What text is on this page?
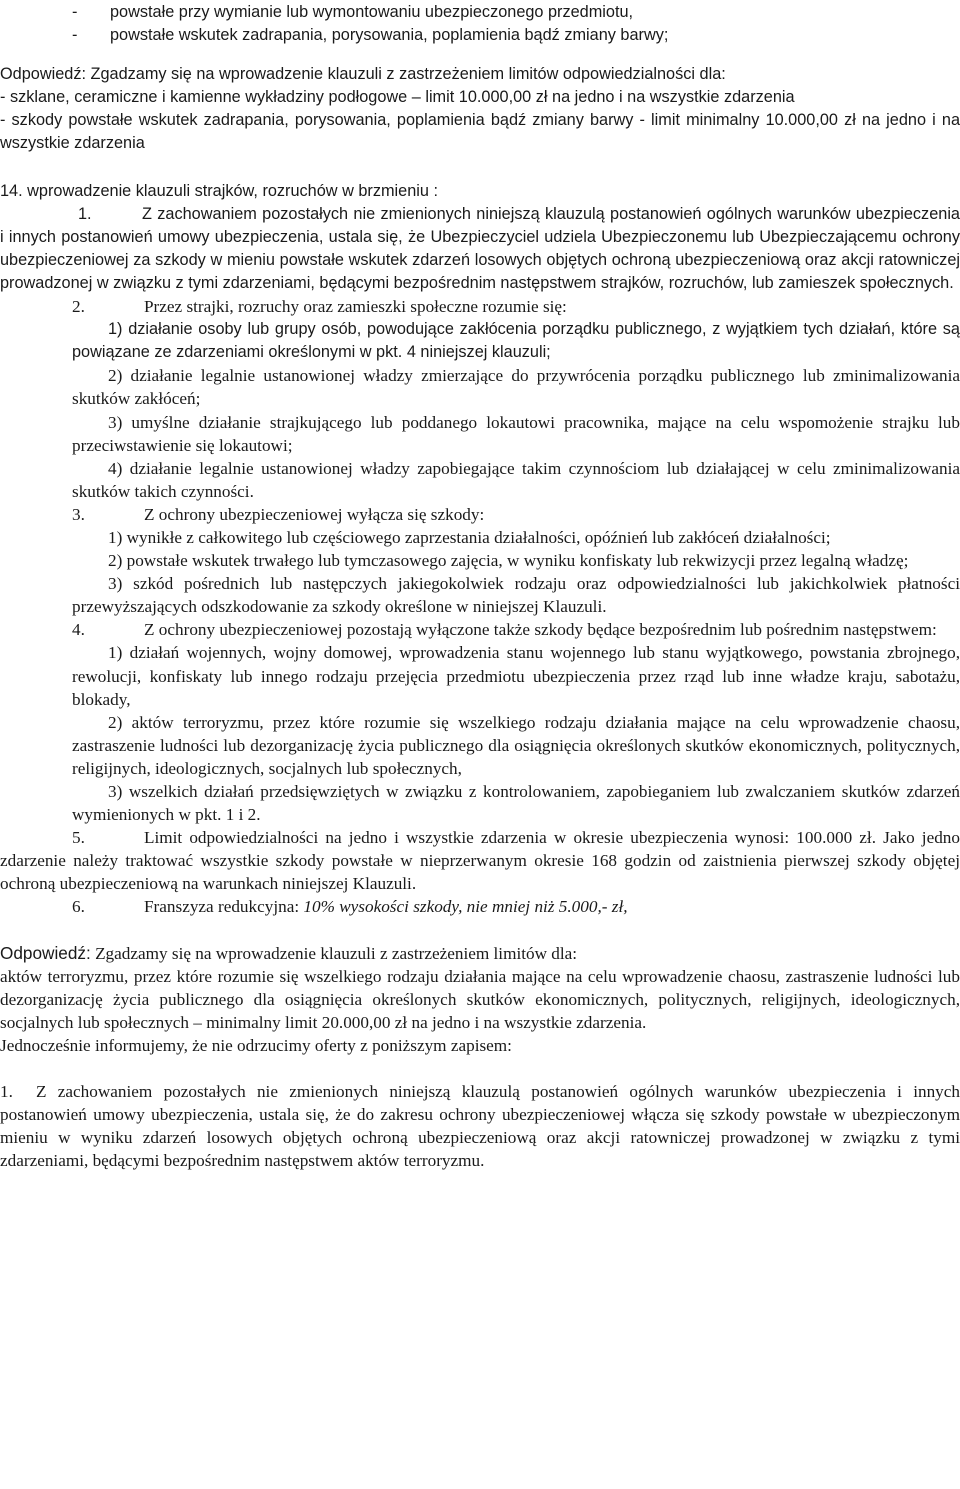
-  powstałe przy wymianie lub wymontowaniu ubezpieczonego przedmiotu,

-  powstałe wskutek zadrapania, porysowania, poplamienia bądź zmiany barwy;

Odpowiedź: Zgadzamy się na wprowadzenie klauzuli z zastrzeżeniem limitów odpowiedzialności dla:

- szklane, ceramiczne i kamienne wykładziny podłogowe – limit 10.000,00 zł na jedno i na wszystkie zdarzenia

- szkody powstałe wskutek zadrapania, porysowania, poplamienia bądź zmiany barwy - limit minimalny 10.000,00 zł na jedno i na wszystkie zdarzenia

14. wprowadzenie klauzuli strajków, rozruchów w brzmieniu :

1.	Z zachowaniem pozostałych nie zmienionych niniejszą klauzulą postanowień ogólnych warunków ubezpieczenia i innych postanowień umowy ubezpieczenia, ustala się, że Ubezpieczyciel udziela Ubezpieczonemu lub Ubezpieczającemu ochrony ubezpieczeniowej za szkody w mieniu powstałe wskutek zdarzeń losowych objętych ochroną ubezpieczeniową oraz akcji ratowniczej prowadzonej w związku z tymi zdarzeniami, będącymi bezpośrednim następstwem strajków, rozruchów, lub zamieszek społecznych.

2.	Przez strajki, rozruchy oraz zamieszki społeczne rozumie się:

1) działanie osoby lub grupy osób, powodujące zakłócenia porządku publicznego, z wyjątkiem tych działań, które są powiązane ze zdarzeniami określonymi w pkt. 4 niniejszej klauzuli;

2) działanie legalnie ustanowionej władzy zmierzające do przywrócenia porządku publicznego lub zminimalizowania skutków zakłóceń;

3) umyślne działanie strajkującego lub poddanego lokautowi pracownika, mające na celu wspomożenie strajku lub przeciwstawienie się lokautowi;

4) działanie legalnie ustanowionej władzy zapobiegające takim czynnościom lub działającej w celu zminimalizowania skutków takich czynności.

3.	Z ochrony ubezpieczeniowej wyłącza się szkody:

1) wynikłe z całkowitego lub częściowego zaprzestania działalności, opóźnień lub zakłóceń działalności;

2) powstałe wskutek trwałego lub tymczasowego zajęcia, w wyniku konfiskaty lub rekwizycji przez legalną władzę;

3) szkód pośrednich lub następczych jakiegokolwiek rodzaju oraz odpowiedzialności lub jakichkolwiek płatności przewyższających odszkodowanie za szkody określone w niniejszej Klauzuli.

4.	Z ochrony ubezpieczeniowej pozostają wyłączone także szkody będące bezpośrednim lub pośrednim następstwem:

1) działań wojennych, wojny domowej, wprowadzenia stanu wojennego lub stanu wyjątkowego, powstania zbrojnego, rewolucji, konfiskaty lub innego rodzaju przejęcia przedmiotu ubezpieczenia przez rząd lub inne władze kraju, sabotażu, blokady,

2) aktów terroryzmu, przez które rozumie się wszelkiego rodzaju działania mające na celu wprowadzenie chaosu, zastraszenie ludności lub dezorganizację życia publicznego dla osiągnięcia określonych skutków ekonomicznych, politycznych, religijnych, ideologicznych, socjalnych lub społecznych,

3) wszelkich działań przedsięwziętych w związku z kontrolowaniem, zapobieganiem lub zwalczaniem skutków zdarzeń wymienionych w pkt. 1 i 2.

5.	Limit odpowiedzialności na jedno i wszystkie zdarzenia w okresie ubezpieczenia wynosi: 100.000 zł. Jako jedno zdarzenie należy traktować wszystkie szkody powstałe w nieprzerwanym okresie 168 godzin od zaistnienia pierwszej szkody objętej ochroną ubezpieczeniową na warunkach niniejszej Klauzuli.

6.	Franszyza redukcyjna: 10% wysokości szkody, nie mniej niż 5.000,- zł,

Odpowiedź: Zgadzamy się na wprowadzenie klauzuli z zastrzeżeniem limitów dla:

aktów terroryzmu, przez które rozumie się wszelkiego rodzaju działania mające na celu wprowadzenie chaosu, zastraszenie ludności lub dezorganizację życia publicznego dla osiągnięcia określonych skutków ekonomicznych, politycznych, religijnych, ideologicznych, socjalnych lub społecznych – minimalny limit 20.000,00 zł na jedno i na wszystkie zdarzenia.

Jednocześnie informujemy, że nie odrzucimy oferty z poniższym zapisem:

1. Z zachowaniem pozostałych nie zmienionych niniejszą klauzulą postanowień ogólnych warunków ubezpieczenia i innych postanowień umowy ubezpieczenia, ustala się, że do zakresu ochrony ubezpieczeniowej włącza się szkody powstałe w ubezpieczonym mieniu w wyniku zdarzeń losowych objętych ochroną ubezpieczeniową oraz akcji ratowniczej prowadzonej w związku z tymi zdarzeniami, będącymi bezpośrednim następstwem aktów terroryzmu.
